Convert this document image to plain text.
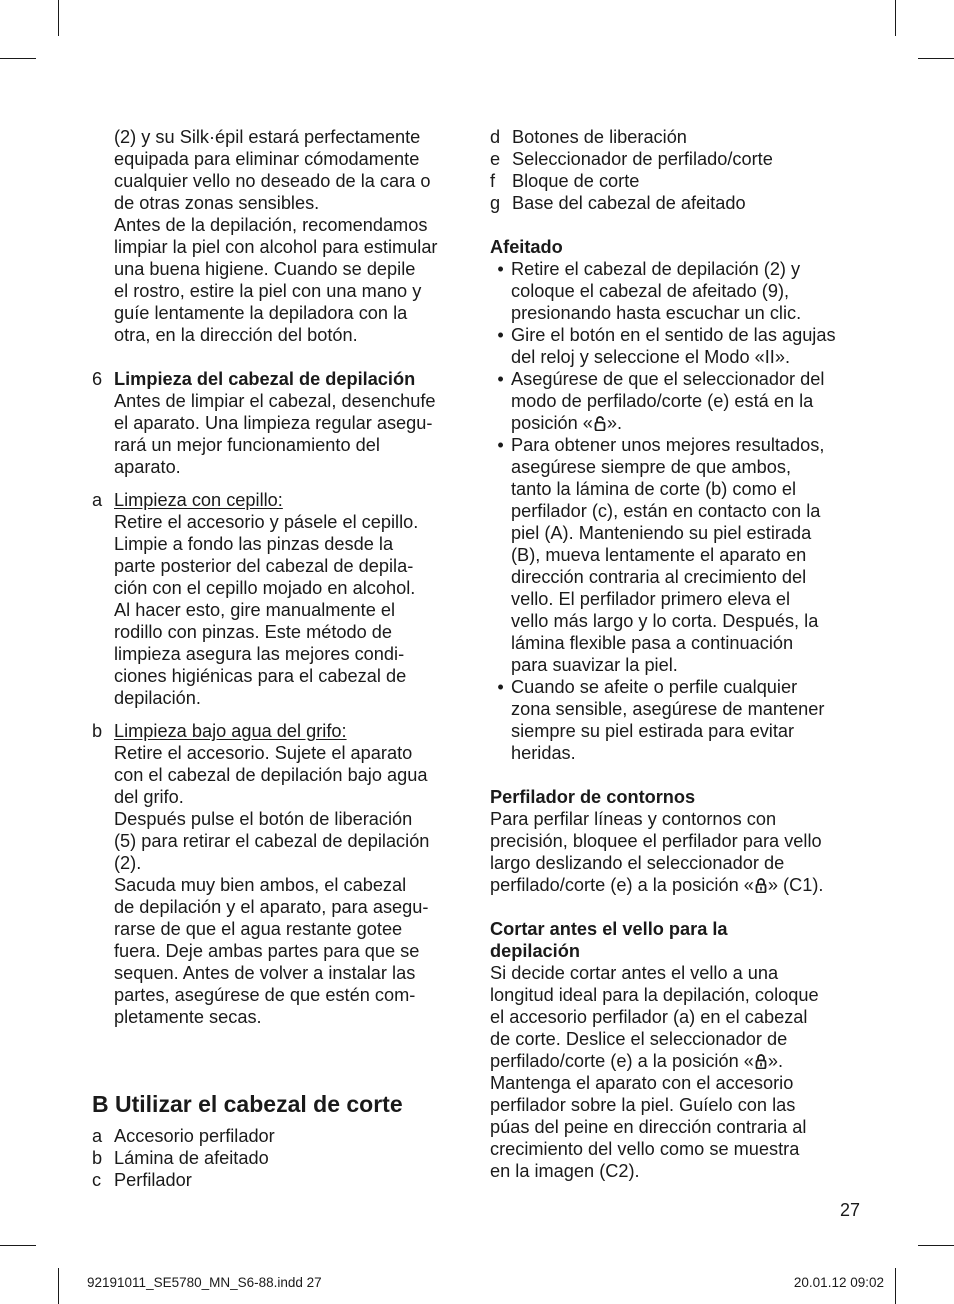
(2) y su Silk·épil estará perfectamente
equipada para eliminar cómodamente
cualquier vello no deseado de la cara o
de otras zonas sensibles.
Antes de la depilación, recomendamos
limpiar la piel con alcohol para estimular
una buena higiene. Cuando se depile
el rostro, estire la piel con una mano y
guíe lentamente la depiladora con la
otra, en la dirección del botón.
6 Limpieza del cabezal de depilación
Antes de limpiar el cabezal, desenchufe
el aparato. Una limpieza regular asegu-
rará un mejor funcionamiento del
aparato.
a Limpieza con cepillo:
Retire el accesorio y pásele el cepillo.
Limpie a fondo las pinzas desde la
parte posterior del cabezal de depila-
ción con el cepillo mojado en alcohol.
Al hacer esto, gire manualmente el
rodillo con pinzas. Este método de
limpieza asegura las mejores condi-
ciones higiénicas para el cabezal de
depilación.
b Limpieza bajo agua del grifo:
Retire el accesorio. Sujete el aparato
con el cabezal de depilación bajo agua
del grifo.
Después pulse el botón de liberación
(5) para retirar el cabezal de depilación
(2).
Sacuda muy bien ambos, el cabezal
de depilación y el aparato, para asegu-
rarse de que el agua restante gotee
fuera. Deje ambas partes para que se
sequen. Antes de volver a instalar las
partes, asegúrese de que estén com-
pletamente secas.
B Utilizar el cabezal de corte
a Accesorio perfilador
b Lámina de afeitado
c Perfilador
d Botones de liberación
e Seleccionador de perfilado/corte
f Bloque de corte
g Base del cabezal de afeitado
Afeitado
• Retire el cabezal de depilación (2) y
coloque el cabezal de afeitado (9),
presionando hasta escuchar un clic.
• Gire el botón en el sentido de las agujas
del reloj y seleccione el Modo «II».
• Asegúrese de que el seleccionador del
modo de perfilado/corte (e) está en la
posición « ».
• Para obtener unos mejores resultados,
asegúrese siempre de que ambos,
tanto la lámina de corte (b) como el
perfilador (c), están en contacto con la
piel (A). Manteniendo su piel estirada
(B), mueva lentamente el aparato en
dirección contraria al crecimiento del
vello. El perfilador primero eleva el
vello más largo y lo corta. Después, la
lámina flexible pasa a continuación
para suavizar la piel.
• Cuando se afeite o perfile cualquier
zona sensible, asegúrese de mantener
siempre su piel estirada para evitar
heridas.
Perfilador de contornos
Para perfilar líneas y contornos con
precisión, bloquee el perfilador para vello
largo deslizando el seleccionador de
perfilado/corte (e) a la posición « » (C1).
Cortar antes el vello para la
depilación
Si decide cortar antes el vello a una
longitud ideal para la depilación, coloque
el accesorio perfilador (a) en el cabezal
de corte. Deslice el seleccionador de
perfilado/corte (e) a la posición « ».
Mantenga el aparato con el accesorio
perfilador sobre la piel. Guíelo con las
púas del peine en dirección contraria al
crecimiento del vello como se muestra
en la imagen (C2).
27
92191011_SE5780_MN_S6-88.indd 27	20.01.12 09:02
